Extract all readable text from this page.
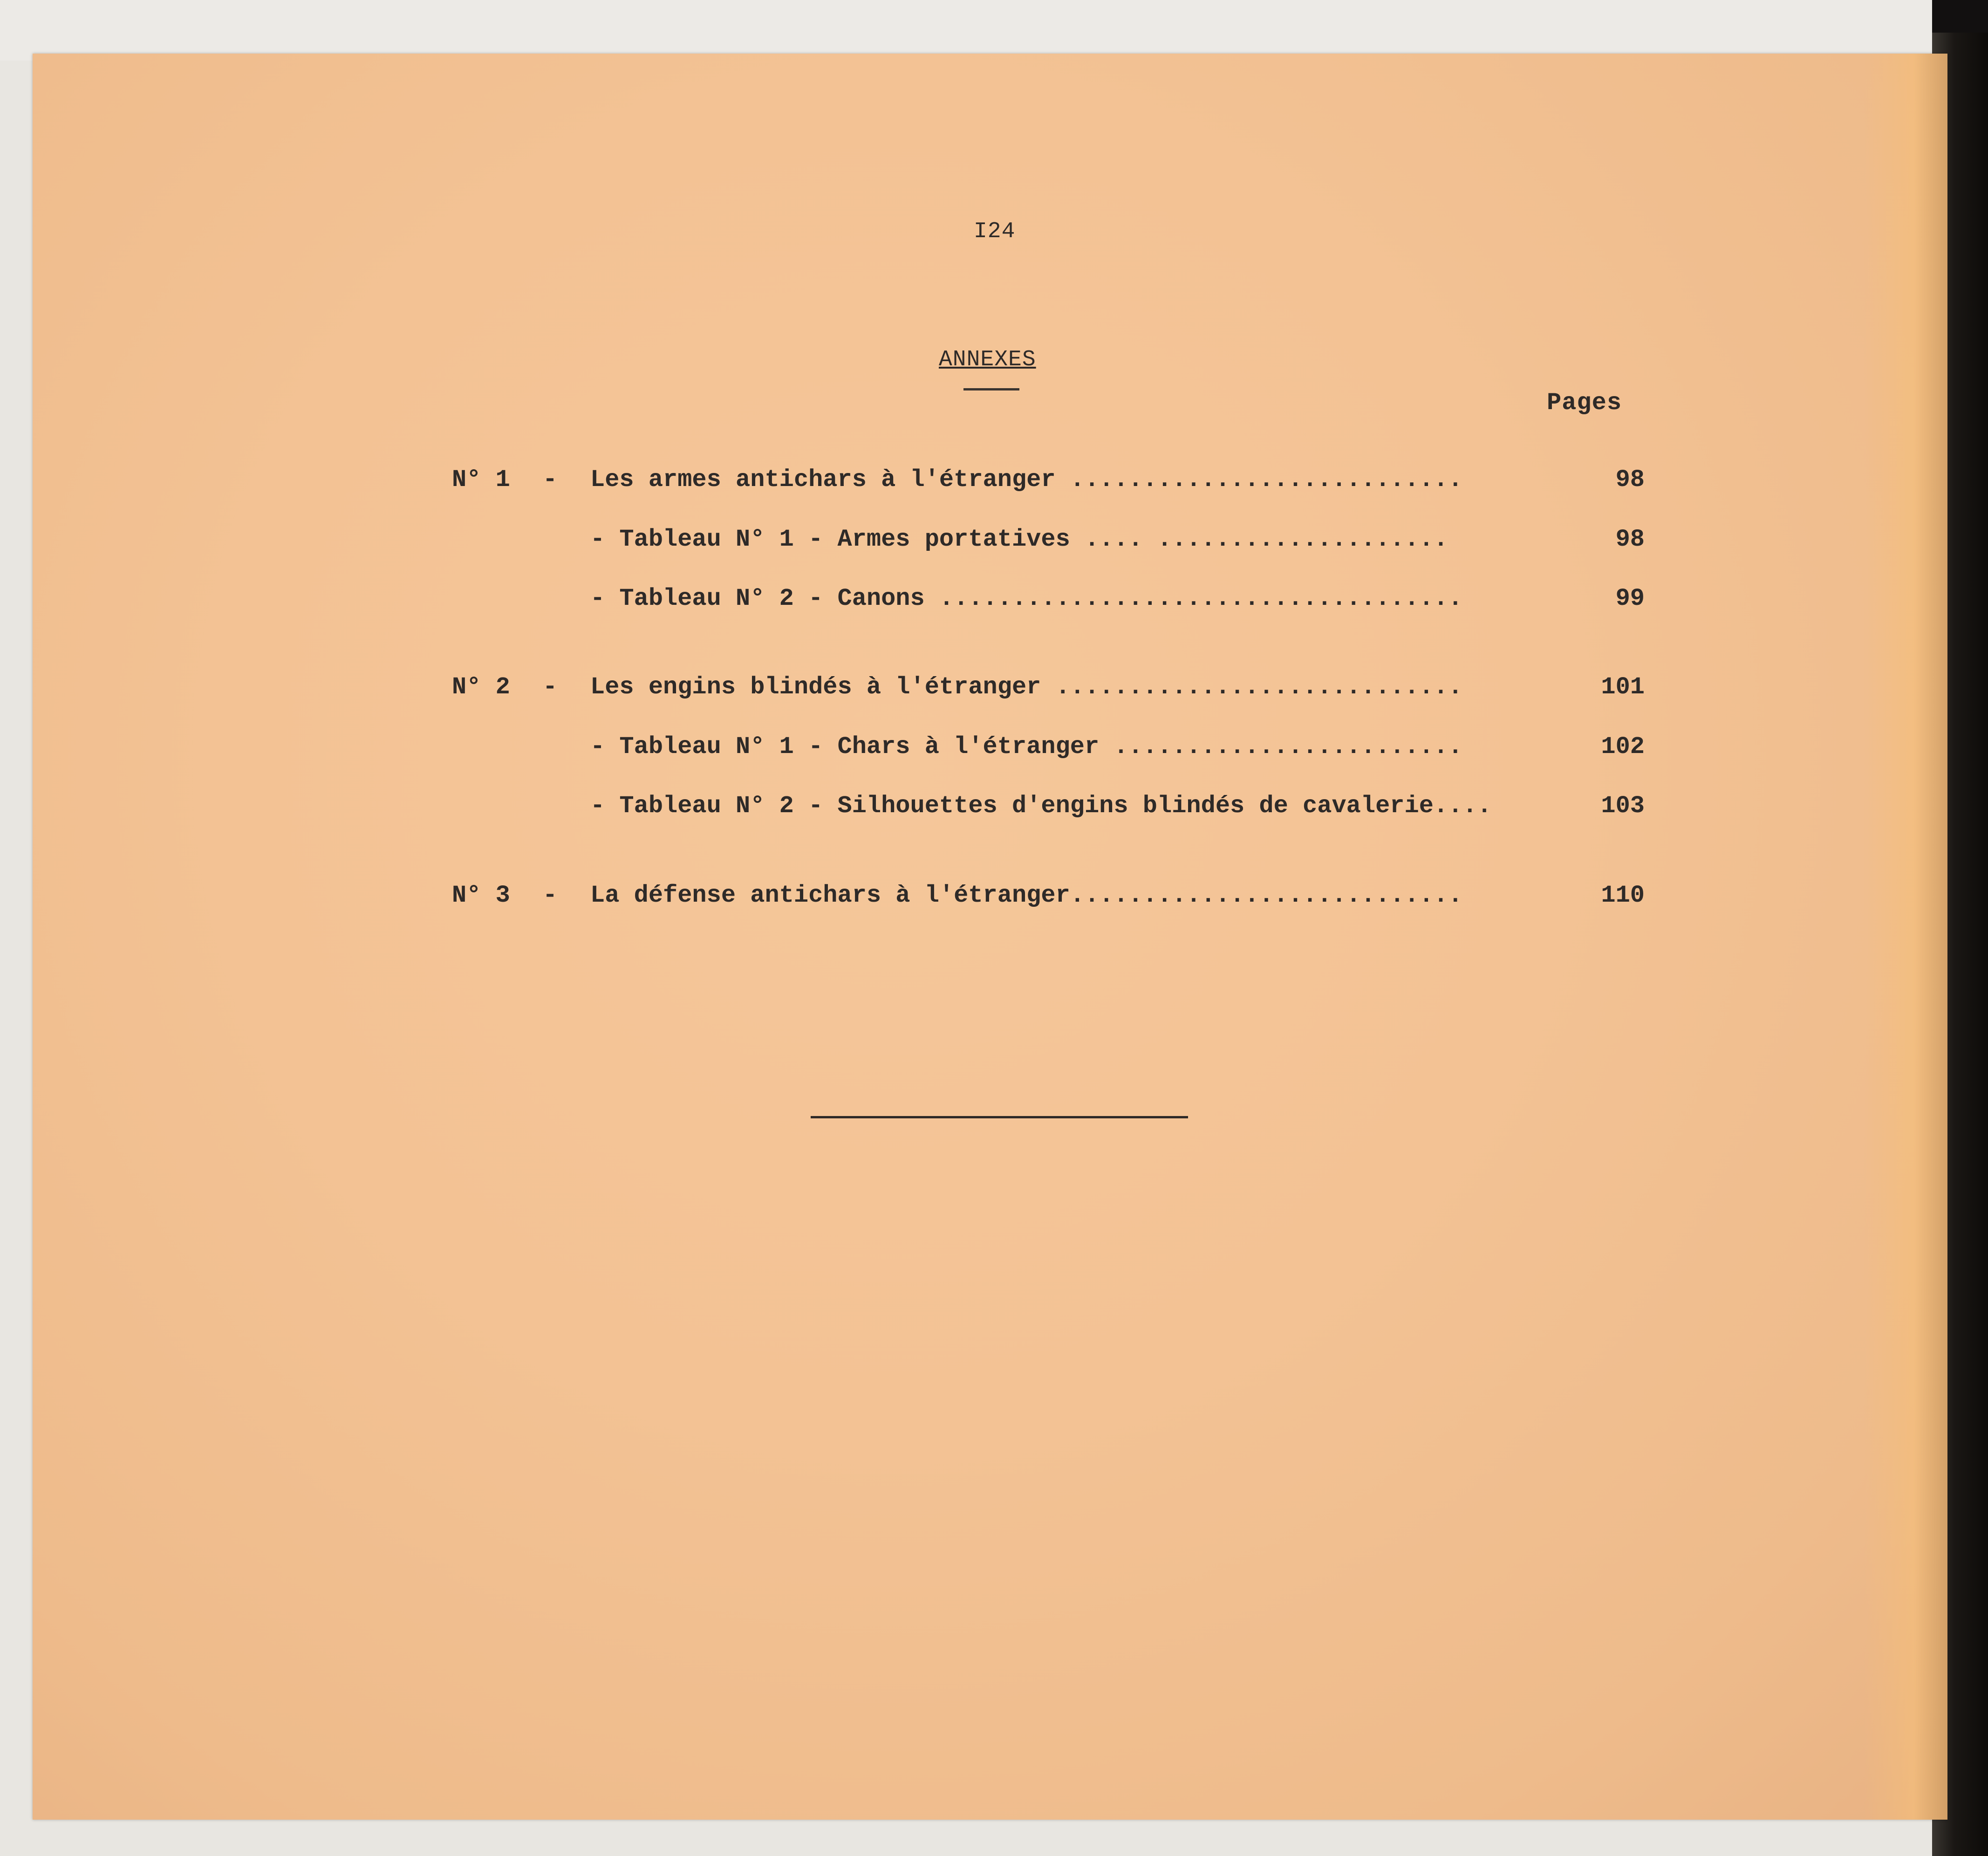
I24
ANNEXES
Pages
N° 1 - Les armes antichars à l'étranger ...........................	98
- Tableau N° 1 - Armes portatives .... ....................	98
- Tableau N° 2 - Canons ....................................	99
N° 2 - Les engins blindés à l'étranger ............................	101
- Tableau N° 1 - Chars à l'étranger ........................	102
- Tableau N° 2 - Silhouettes d'engins blindés de cavalerie....	103
N° 3 - La défense antichars à l'étranger...........................	110
